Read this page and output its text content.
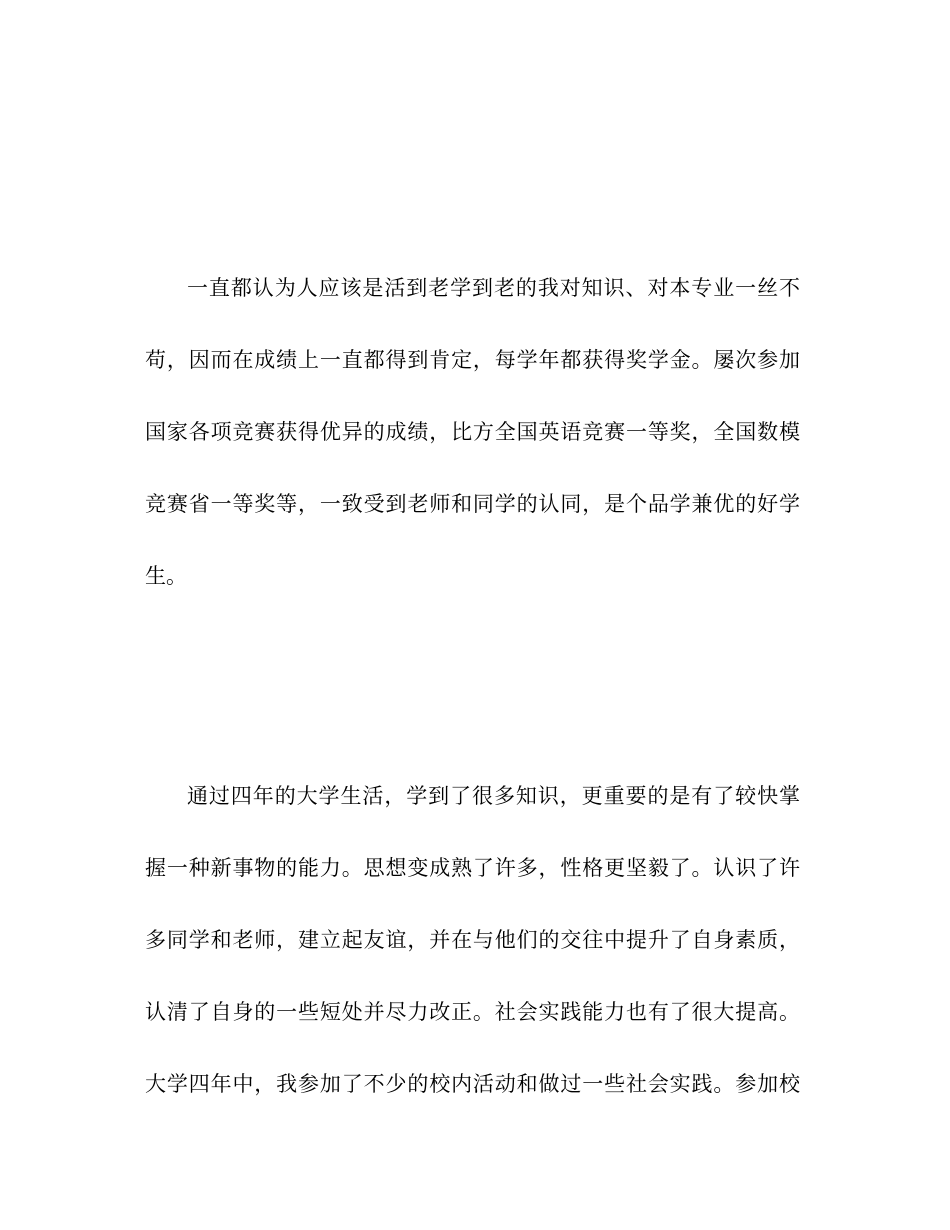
一直都认为人应该是活到老学到老的我对知识、对本专业一丝不
苟，因而在成绩上一直都得到肯定，每学年都获得奖学金。屡次参加
国家各项竞赛获得优异的成绩，比方全国英语竞赛一等奖，全国数模
竞赛省一等奖等，一致受到老师和同学的认同，是个品学兼优的好学
生。
通过四年的大学生活，学到了很多知识，更重要的是有了较快掌
握一种新事物的能力。思想变成熟了许多，性格更坚毅了。认识了许
多同学和老师，建立起友谊，并在与他们的交往中提升了自身素质，
认清了自身的一些短处并尽力改正。社会实践能力也有了很大提高。
大学四年中，我参加了不少的校内活动和做过一些社会实践。参加校
